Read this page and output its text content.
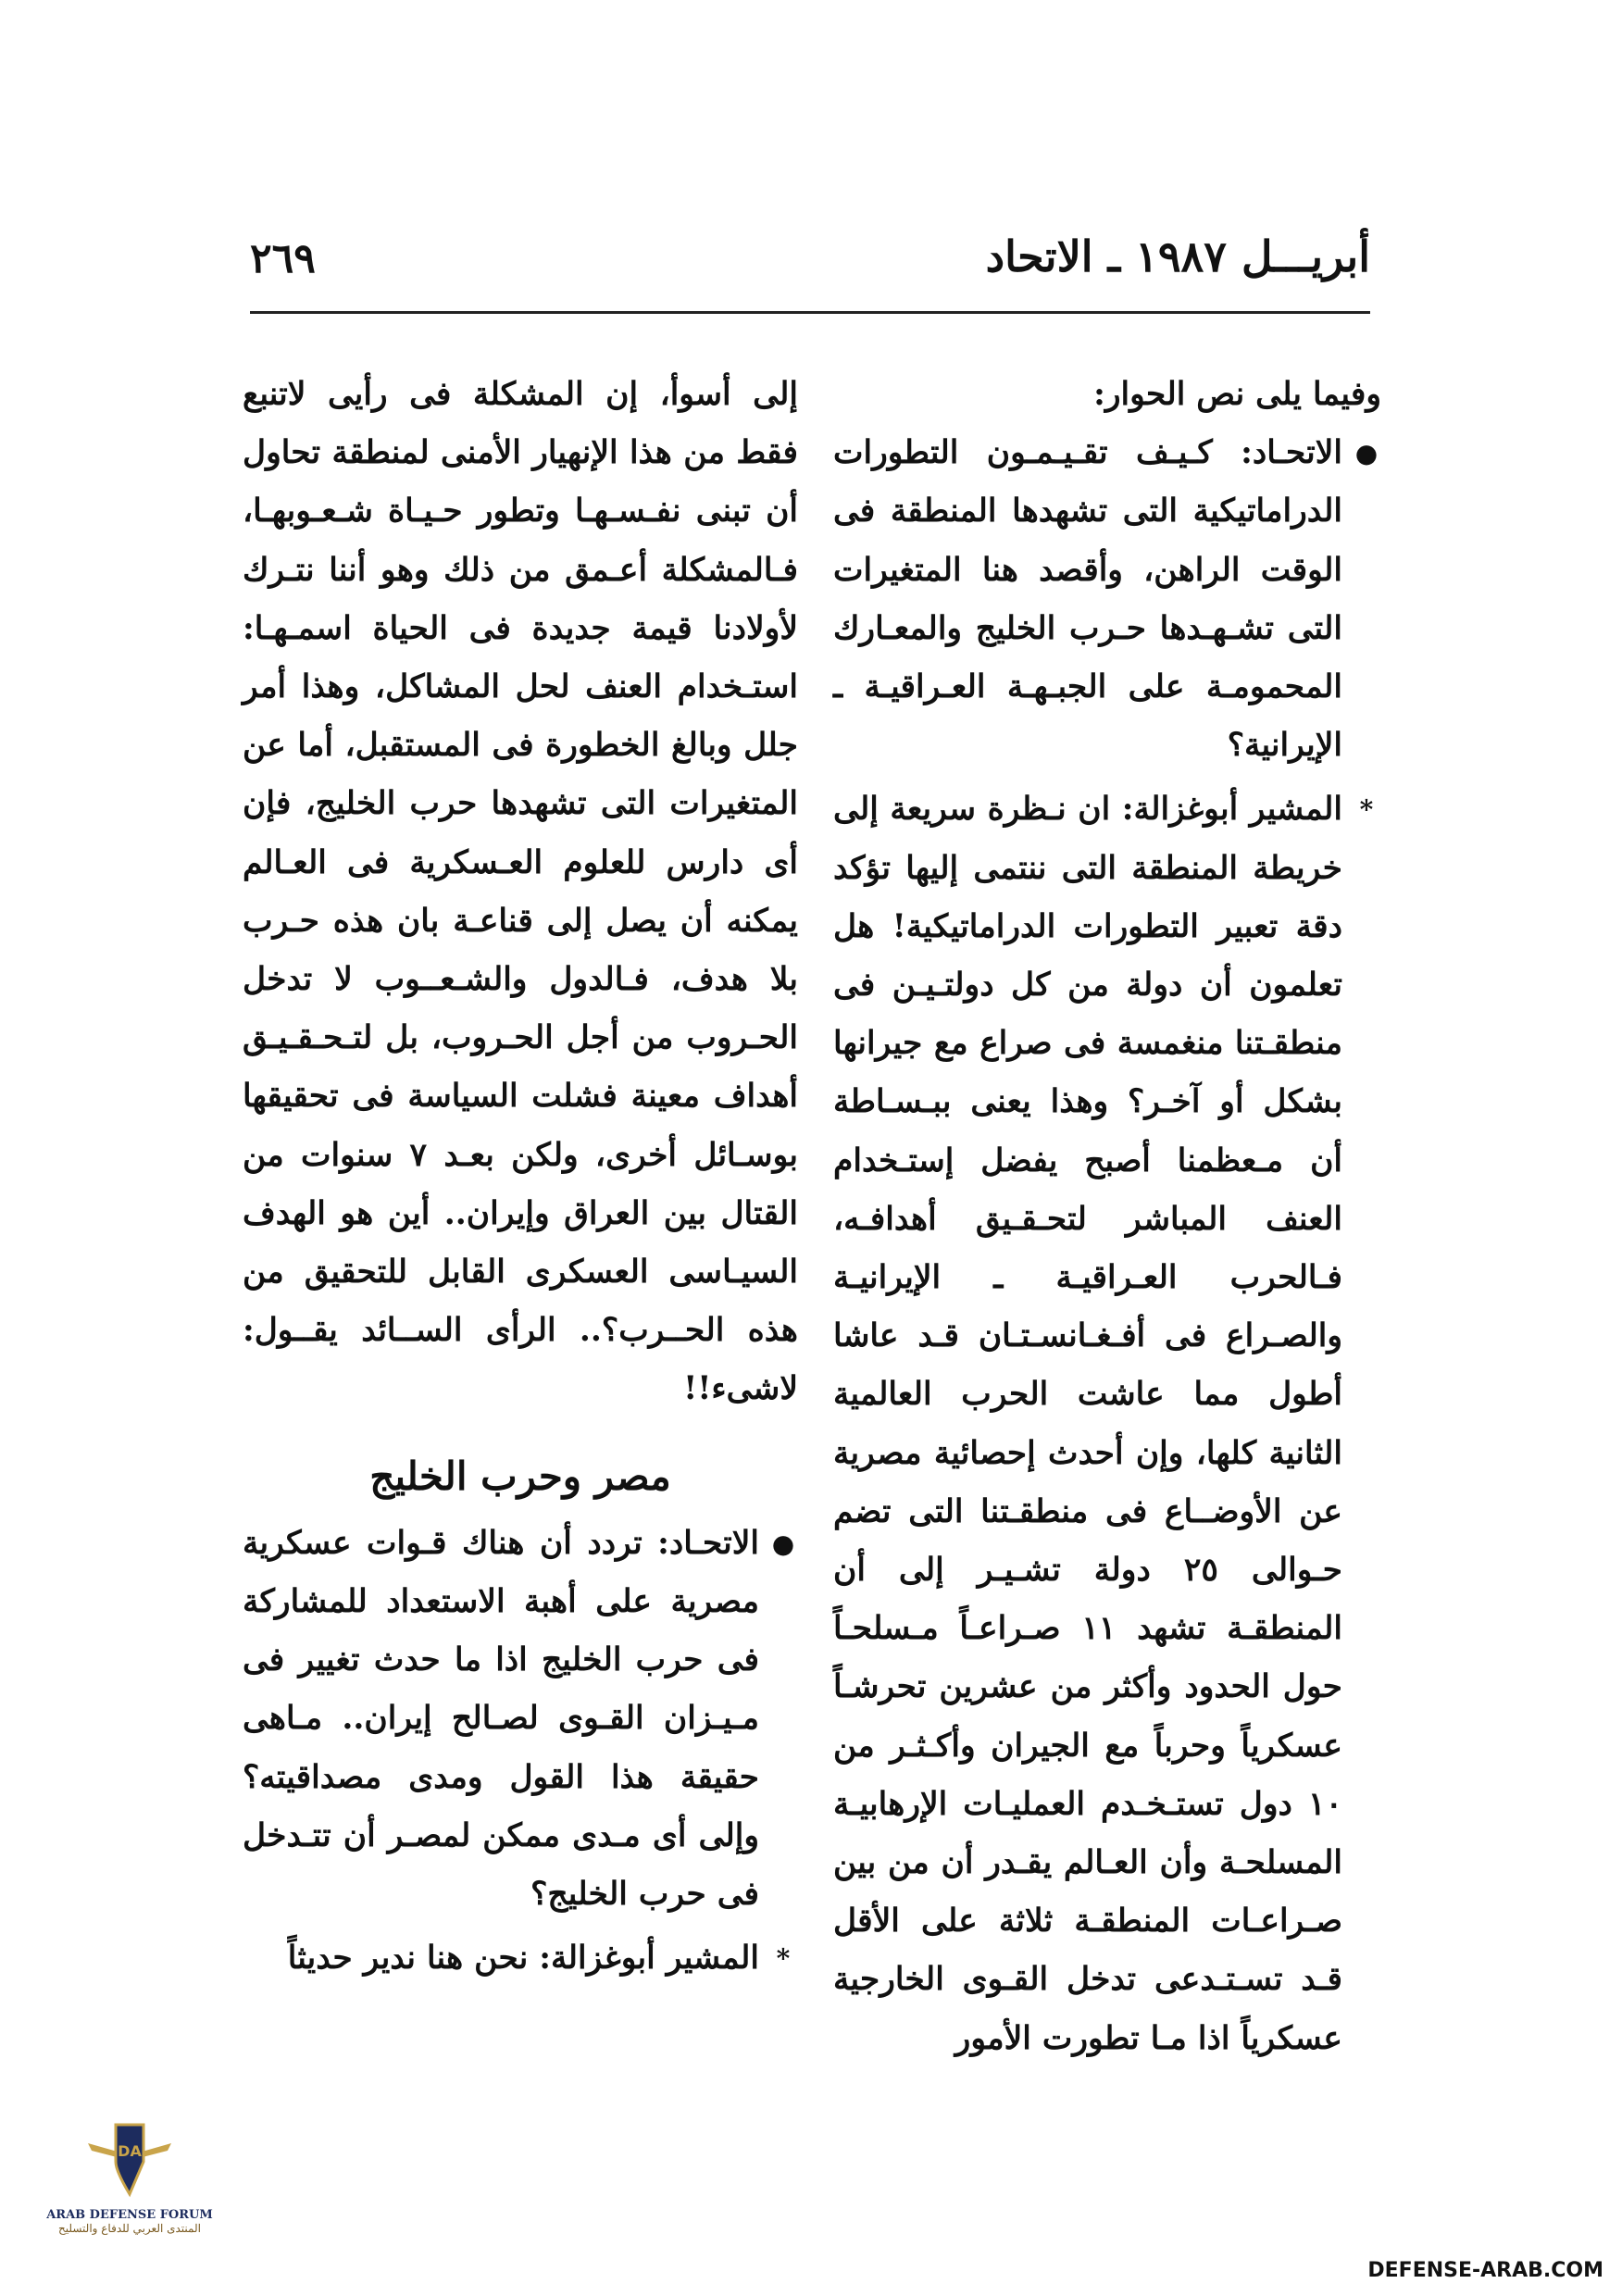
أبريـــل ١٩٨٧ ـ الاتحاد
٢٦٩

وفيما يلى نص الحوار:

●
الاتحـاد: كـيـف تقـيـمـون التطورات الدراماتيكية التى تشهدها المنطقة فى الوقت الراهن، وأقصد هنا المتغيرات التى تشـهـدها حـرب الخليج والمعـارك المحمومـة على الجبـهـة العـراقيـة ـ الإيرانية؟
*
المشير أبوغزالة: ان نـظرة سريعة إلى خريطة المنطقة التى ننتمى إليها تؤكد دقة تعبير التطورات الدراماتيكية! هل تعلمون أن دولة من كل دولتـيـن فى منطقـتنا منغمسة فى صراع مع جيرانها بشكل أو آخـر؟ وهذا يعنى ببـسـاطة أن مـعظمنا أصبح يفضل إستـخدام العنف المباشر لتحـقـيق أهدافـه، فـالحرب العـراقيـة ـ الإيرانيـة والصـراع فى أفـغـانسـتـان قـد عاشا أطول مما عاشت الحرب العالمية الثانية كلها، وإن أحدث إحصائية مصرية عن الأوضــاع فى منطقـتنا التى تضم حـوالى ٢٥ دولة تشـيـر إلى أن المنطقـة تشهد ١١ صـراعـاً مـسلحـاً حول الحدود وأكثر من عشرين تحرشـاً عسكرياً وحرباً مع الجيران وأكـثـر من ١٠ دول تستـخـدم العمليـات الإرهابيـة المسلحـة وأن العـالم يقـدر أن من بين صـراعـات المنطقـة ثلاثة على الأقل قـد تسـتـدعى تدخل القـوى الخارجية عسكرياً اذا مـا تطورت الأمور

إلى أسوأ، إن المشكلة فى رأيى لاتنبع فقط من هذا الإنهيار الأمنى لمنطقة تحاول أن تبنى نفـسـهـا وتطور حـيـاة شـعـوبهـا، فـالمشكلة أعـمق من ذلك وهو أننا نتـرك لأولادنا قيمة جديدة فى الحياة اسمـهـا: استـخدام العنف لحل المشاكل، وهذا أمر جلل وبالغ الخطورة فى المستقبل، أما عن المتغيرات التى تشهدها حرب الخليج، فإن أى دارس للعلوم العـسكرية فى العـالم يمكنه أن يصل إلى قناعـة بان هذه حـرب بلا هدف، فـالدول والشـعــوب لا تدخل الحـروب من أجل الحـروب، بل لتـحـقـيـق أهداف معينة فشلت السياسة فى تحقيقها بوسـائل أخرى، ولكن بعـد ٧ سنوات من القتال بين العراق وإيران.. أين هو الهدف السيـاسى العسكرى القابل للتحقيق من هذه الحــرب؟.. الرأى الســائد يقــول: لاشىء!!

مصر وحرب الخليج
●
الاتحـاد: تردد أن هناك قـوات عسكرية مصرية على أهبة الاستعداد للمشاركة فى حرب الخليج اذا ما حدث تغيير فى مـيـزان القـوى لصـالح إيران.. مـاهى حقيقة هذا القول ومدى مصداقيته؟ وإلى أى مـدى ممكن لمصـر أن تتـدخل فى حرب الخليج؟
*
المشير أبوغزالة: نحن هنا ندير حديثاً
DA
ARAB DEFENSE FORUM
المنتدى العربي للدفاع والتسليح
DEFENSE-ARAB.COM
